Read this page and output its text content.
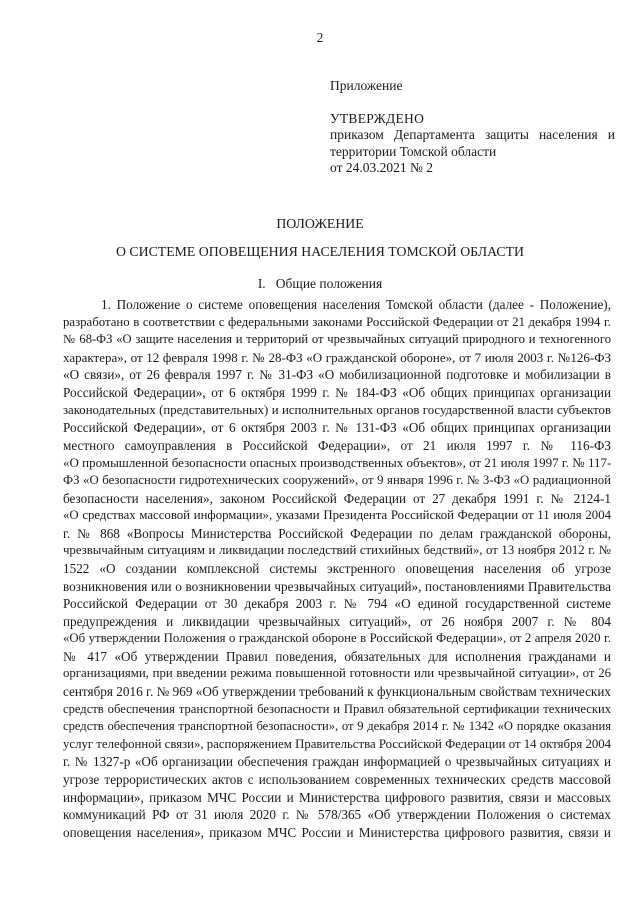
2
Приложение
УТВЕРЖДЕНО
приказом Департамента защиты населения и
территории Томской области
от 24.03.2021 № 2
ПОЛОЖЕНИЕ
О СИСТЕМЕ ОПОВЕЩЕНИЯ НАСЕЛЕНИЯ ТОМСКОЙ ОБЛАСТИ
I.   Общие положения
1. Положение о системе оповещения населения Томской области (далее - Положение),
разработано в соответствии с федеральными законами Российской Федерации от 21 декабря 1994 г.
№ 68-ФЗ «О защите населения и территорий от чрезвычайных ситуаций природного и техногенного
характера», от 12 февраля 1998 г. № 28-ФЗ «О гражданской обороне», от 7 июля 2003 г. №126-ФЗ
«О связи», от 26 февраля 1997 г. № 31-ФЗ «О мобилизационной подготовке и мобилизации в
Российской Федерации», от 6 октября 1999 г. № 184-ФЗ «Об общих принципах организации
законодательных (представительных) и исполнительных органов государственной власти субъектов
Российской Федерации», от 6 октября 2003 г. № 131-ФЗ «Об общих принципах организации
местного самоуправления в Российской Федерации», от 21 июля 1997 г. № 116-ФЗ
«О промышленной безопасности опасных производственных объектов», от 21 июля 1997 г. № 117-
ФЗ «О безопасности гидротехнических сооружений», от 9 января 1996 г. № 3-ФЗ «О радиационной
безопасности населения», законом Российской Федерации от 27 декабря 1991 г. № 2124-1
«О средствах массовой информации», указами Президента Российской Федерации от 11 июля 2004
г. № 868 «Вопросы Министерства Российской Федерации по делам гражданской обороны,
чрезвычайным ситуациям и ликвидации последствий стихийных бедствий», от 13 ноября 2012 г. №
1522 «О создании комплексной системы экстренного оповещения населения об угрозе
возникновения или о возникновении чрезвычайных ситуаций», постановлениями Правительства
Российской Федерации от 30 декабря 2003 г. № 794 «О единой государственной системе
предупреждения и ликвидации чрезвычайных ситуаций», от 26 ноября 2007 г. № 804
«Об утверждении Положения о гражданской обороне в Российской Федерации», от 2 апреля 2020 г.
№ 417 «Об утверждении Правил поведения, обязательных для исполнения гражданами и
организациями, при введении режима повышенной готовности или чрезвычайной ситуации», от 26
сентября 2016 г. № 969 «Об утверждении требований к функциональным свойствам технических
средств обеспечения транспортной безопасности и Правил обязательной сертификации технических
средств обеспечения транспортной безопасности», от 9 декабря 2014 г. № 1342 «О порядке оказания
услуг телефонной связи», распоряжением Правительства Российской Федерации от 14 октября 2004
г. № 1327-р «Об организации обеспечения граждан информацией о чрезвычайных ситуациях и
угрозе террористических актов с использованием современных технических средств массовой
информации», приказом МЧС России и Министерства цифрового развития, связи и массовых
коммуникаций РФ от 31 июля 2020 г. № 578/365 «Об утверждении Положения о системах
оповещения населения», приказом МЧС России и Министерства цифрового развития, связи и
